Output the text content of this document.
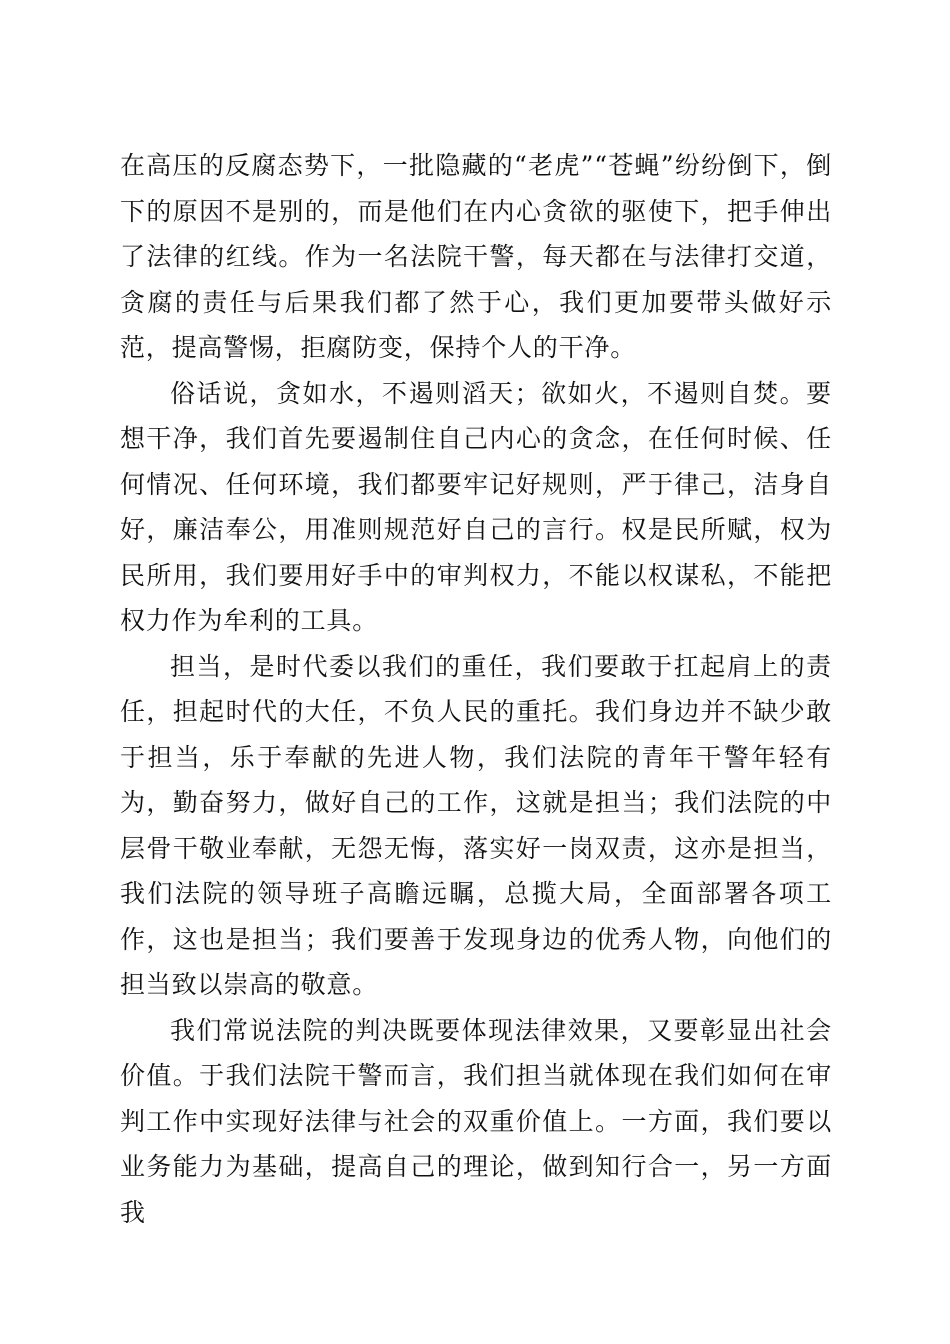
在高压的反腐态势下，一批隐藏的“老虎”“苍蝇”纷纷倒下，倒下的原因不是别的，而是他们在内心贪欲的驱使下，把手伸出了法律的红线。作为一名法院干警，每天都在与法律打交道，贪腐的责任与后果我们都了然于心，我们更加要带头做好示范，提高警惕，拒腐防变，保持个人的干净。

俗话说，贪如水，不遏则滔天；欲如火，不遏则自焚。要想干净，我们首先要遏制住自己内心的贪念，在任何时候、任何情况、任何环境，我们都要牢记好规则，严于律己，洁身自好，廉洁奉公，用准则规范好自己的言行。权是民所赋，权为民所用，我们要用好手中的审判权力，不能以权谋私，不能把权力作为牟利的工具。

担当，是时代委以我们的重任，我们要敢于扛起肩上的责任，担起时代的大任，不负人民的重托。我们身边并不缺少敢于担当，乐于奉献的先进人物，我们法院的青年干警年轻有为，勤奋努力，做好自己的工作，这就是担当；我们法院的中层骨干敬业奉献，无怨无悔，落实好一岗双责，这亦是担当，我们法院的领导班子高瞻远瞩，总揽大局，全面部署各项工作，这也是担当；我们要善于发现身边的优秀人物，向他们的担当致以崇高的敬意。

我们常说法院的判决既要体现法律效果，又要彰显出社会价值。于我们法院干警而言，我们担当就体现在我们如何在审判工作中实现好法律与社会的双重价值上。一方面，我们要以业务能力为基础，提高自己的理论，做到知行合一，另一方面我
